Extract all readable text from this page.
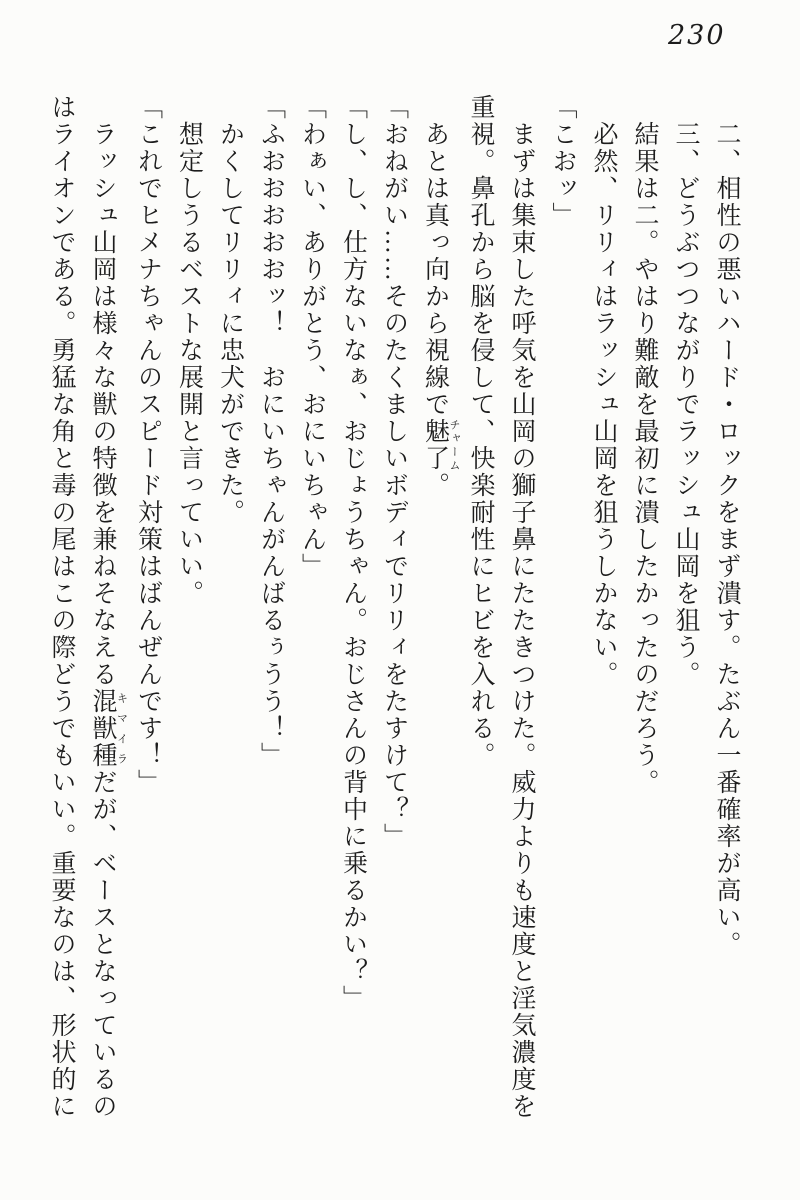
230

二、相性の悪いハード・ロックをまず潰す。たぶん一番確率が高い。

三、どうぶつつながりでラッシュ山岡を狙う。

結果は二。やはり難敵を最初に潰したかったのだろう。

必然、リリィはラッシュ山岡を狙うしかない。

「こおッ」

まずは集束した呼気を山岡の獅子鼻にたたきつけた。威力よりも速度と淫気濃度を重視。鼻孔から脳を侵して、快楽耐性にヒビを入れる。

あとは真っ向から視線で魅了 チャーム。

「おねがい……そのたくましいボディでリリィをたすけて？」

「し、し、仕方ないなぁ、おじょうちゃん。おじさんの背中に乗るかい？」

「わぁい、ありがとう、おにいちゃん」

「ふおおおおおッ！　おにいちゃんがんばるぅうう！」

かくしてリリィに忠犬ができた。

想定しうるベストな展開と言っていい。

「これでヒメナちゃんのスピード対策はばんぜんです！」

ラッシュ山岡は様々な獣の特徴を兼ねそなえる混獣種 キマイラだが、ベースとなっているのはライオンである。勇猛な角と毒の尾はこの際どうでもいい。重要なのは、形状的に
